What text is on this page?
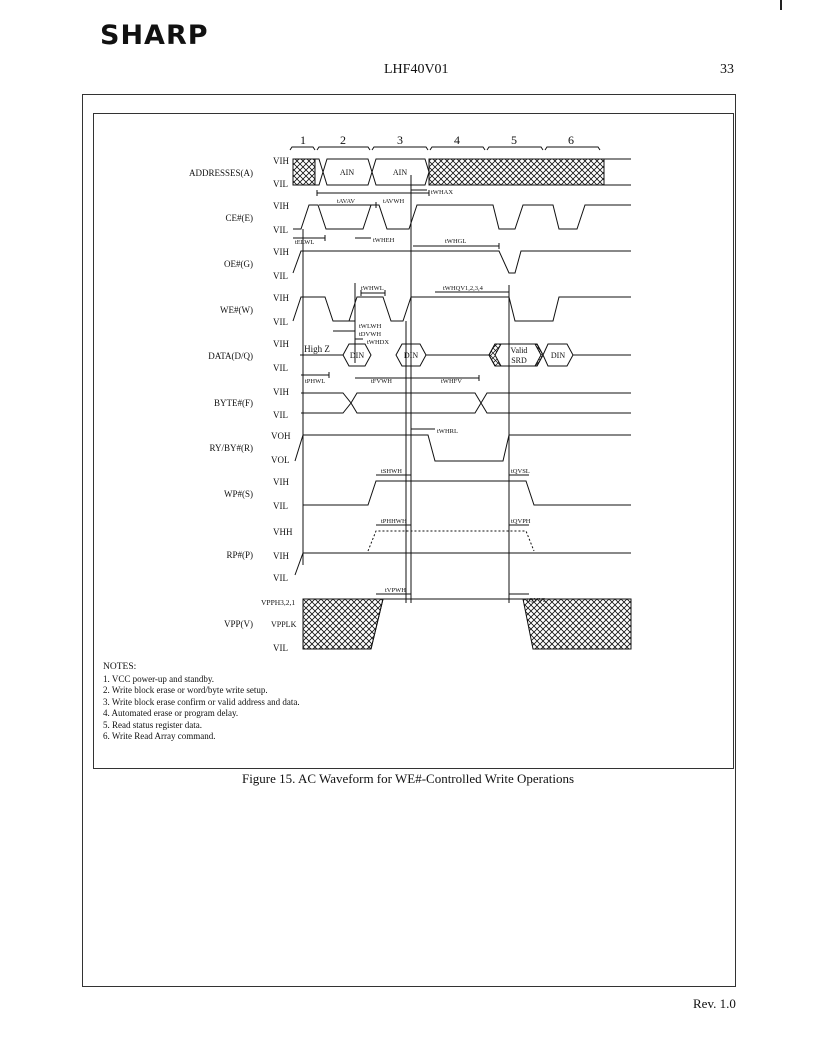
SHARP
LHF40V01	33
1	2	3	4	5	6
ADDRESSES(A)
CE#(E)
OE#(G)
WE#(W)
DATA(D/Q)
BYTE#(F)
RY/BY#(R)
WP#(S)
RP#(P)
VPP(V)
VIH
VIL
VIH
VIL
VIH
VIL
VIH
VIL
VIH
VIL
VIH
VIL
VOH
VOL
VIH
VIL
VHH
VIH
VIL
VPPH3,2,1
VPPLK
VIL
AIN	AIN
DIN	DIN	DIN
High Z	Valid
SRD
tAVAV	tAVWH
tWHAX
tELWL	tWHEH	tWHGL
tWHWL	tWHQV1,2,3,4
tWLWH
tDVWH
tWHDX
tPHWL	tFVWH	tWHFV
tWHRL
tSHWH	tQVSL
tPHHWH	tQVPH
tVPWH
tQVVL
NOTES:
1. VCC power-up and standby.
2. Write block erase or word/byte write setup.
3. Write block erase confirm or valid address and data.
4. Automated erase or program delay.
5. Read status register data.
6. Write Read Array command.
Figure 15. AC Waveform for WE#-Controlled Write Operations
Rev. 1.0
